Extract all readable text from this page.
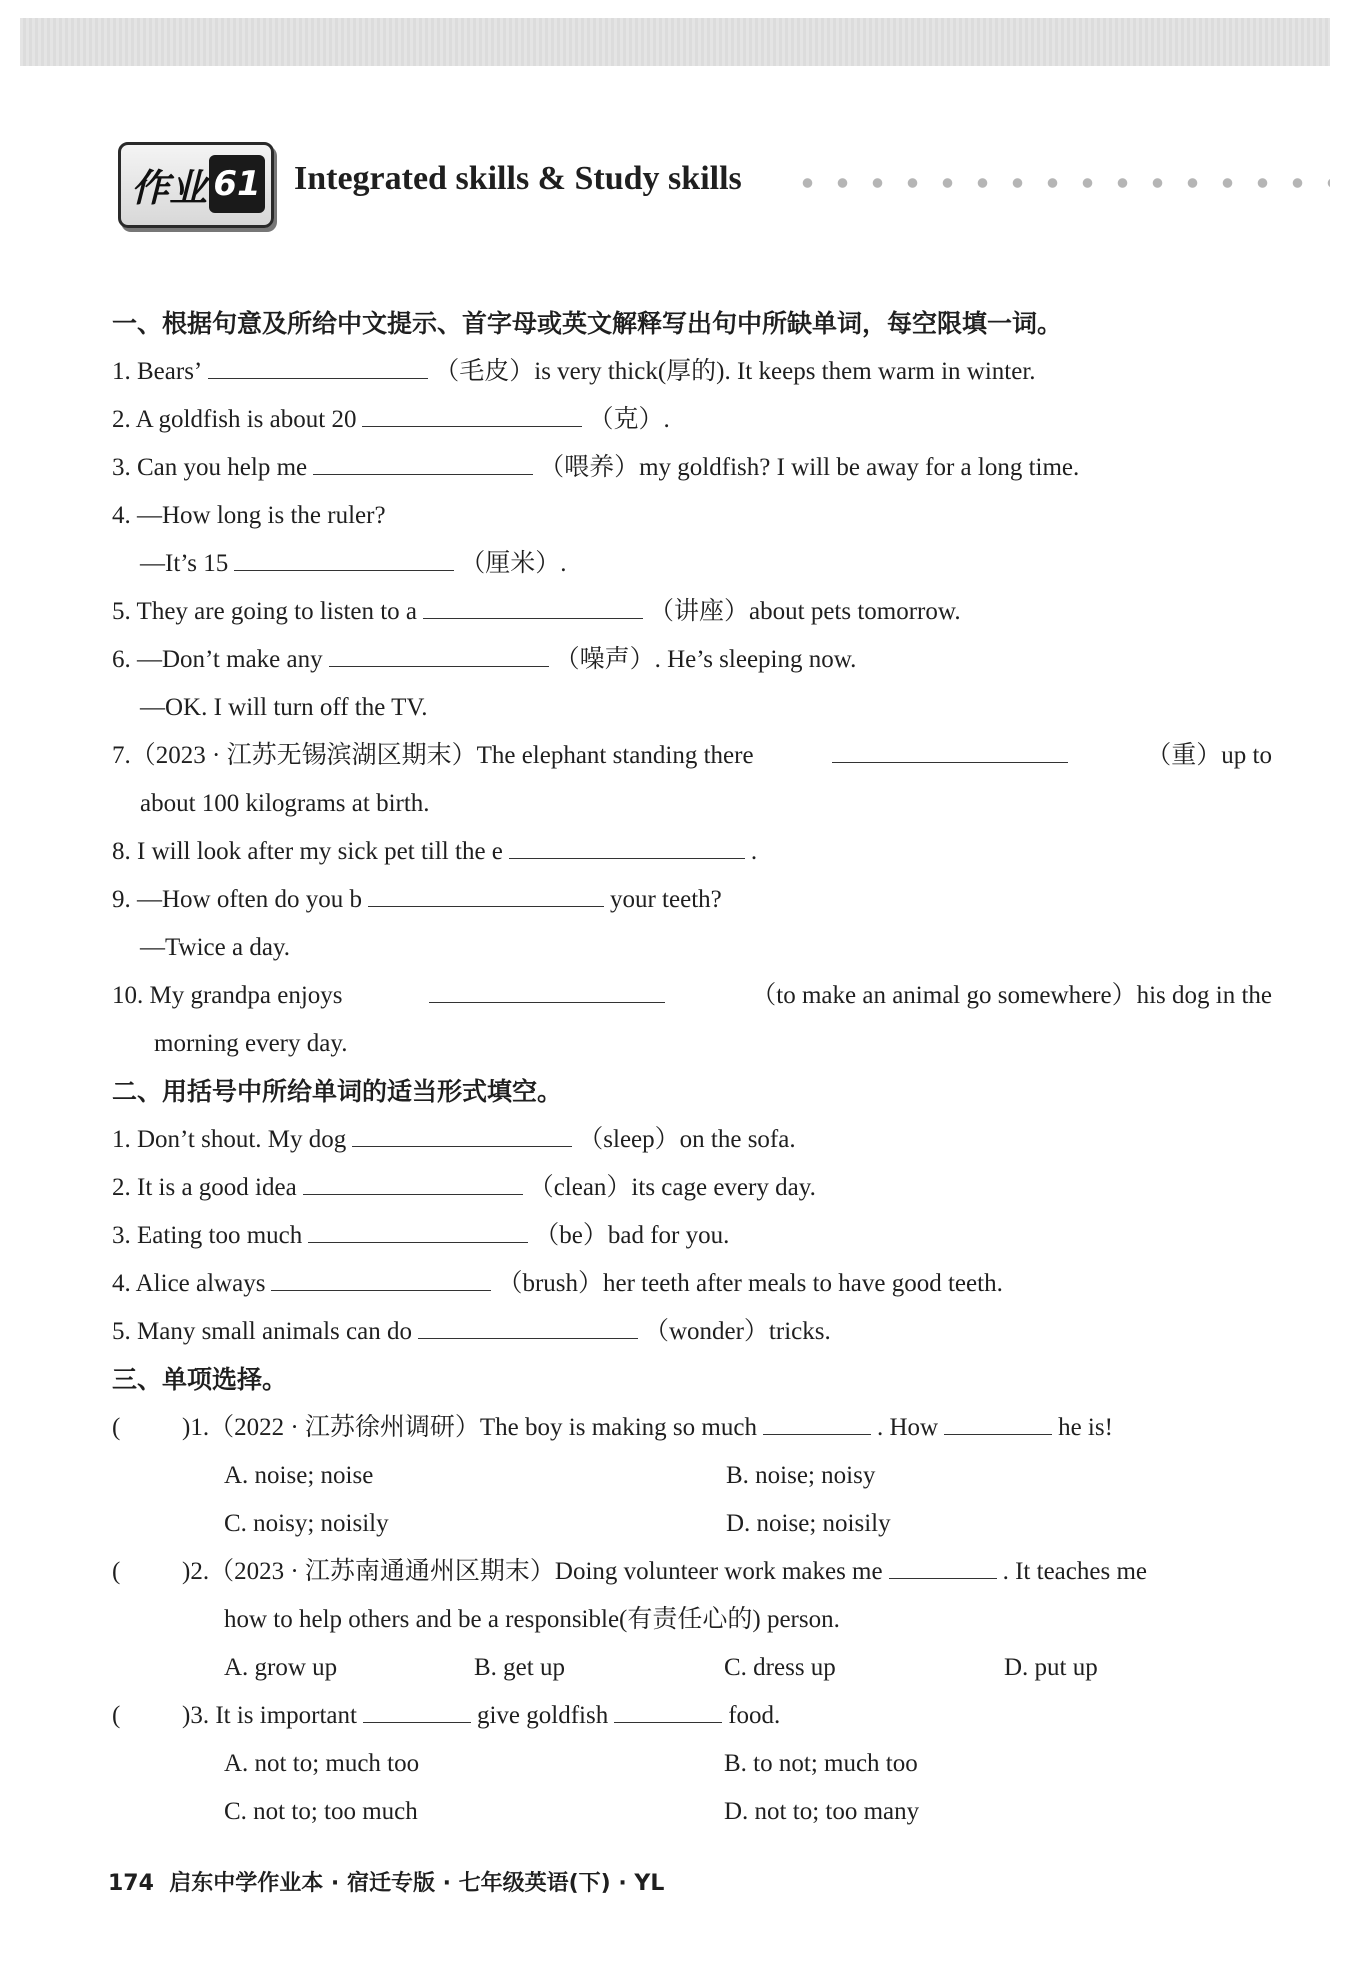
作业 61 Integrated skills & Study skills
一、根据句意及所给中文提示、首字母或英文解释写出句中所缺单词，每空限填一词。
1. Bears’	（毛皮）is very thick(厚的). It keeps them warm in winter.
2. A goldfish is about 20	（克）.
3. Can you help me	（喂养）my goldfish? I will be away for a long time.
4. —How long is the ruler?
—It’s 15	（厘米）.
5. They are going to listen to a	（讲座）about pets tomorrow.
6. —Don’t make any	（噪声）. He’s sleeping now.
—OK. I will turn off the TV.
7.（2023 · 江苏无锡滨湖区期末）The elephant standing there	（重）up to
about 100 kilograms at birth.
8. I will look after my sick pet till the e	.
9. —How often do you b	your teeth?
—Twice a day.
10. My grandpa enjoys	（to make an animal go somewhere）his dog in the
morning every day.
二、用括号中所给单词的适当形式填空。
1. Don’t shout. My dog	（sleep）on the sofa.
2. It is a good idea	（clean）its cage every day.
3. Eating too much	（be）bad for you.
4. Alice always	（brush）her teeth after meals to have good teeth.
5. Many small animals can do	（wonder）tricks.
三、单项选择。
( )1.（2022 · 江苏徐州调研）The boy is making so much	. How	he is!
A. noise; noise	B. noise; noisy
C. noisy; noisily	D. noise; noisily
( )2.（2023 · 江苏南通通州区期末）Doing volunteer work makes me	. It teaches me
how to help others and be a responsible(有责任心的) person.
A. grow up	B. get up	C. dress up	D. put up
( )3. It is important	give goldfish	food.
A. not to; much too	B. to not; much too
C. not to; too much	D. not to; too many
174 启东中学作业本 · 宿迁专版 · 七年级英语(下) · YL
